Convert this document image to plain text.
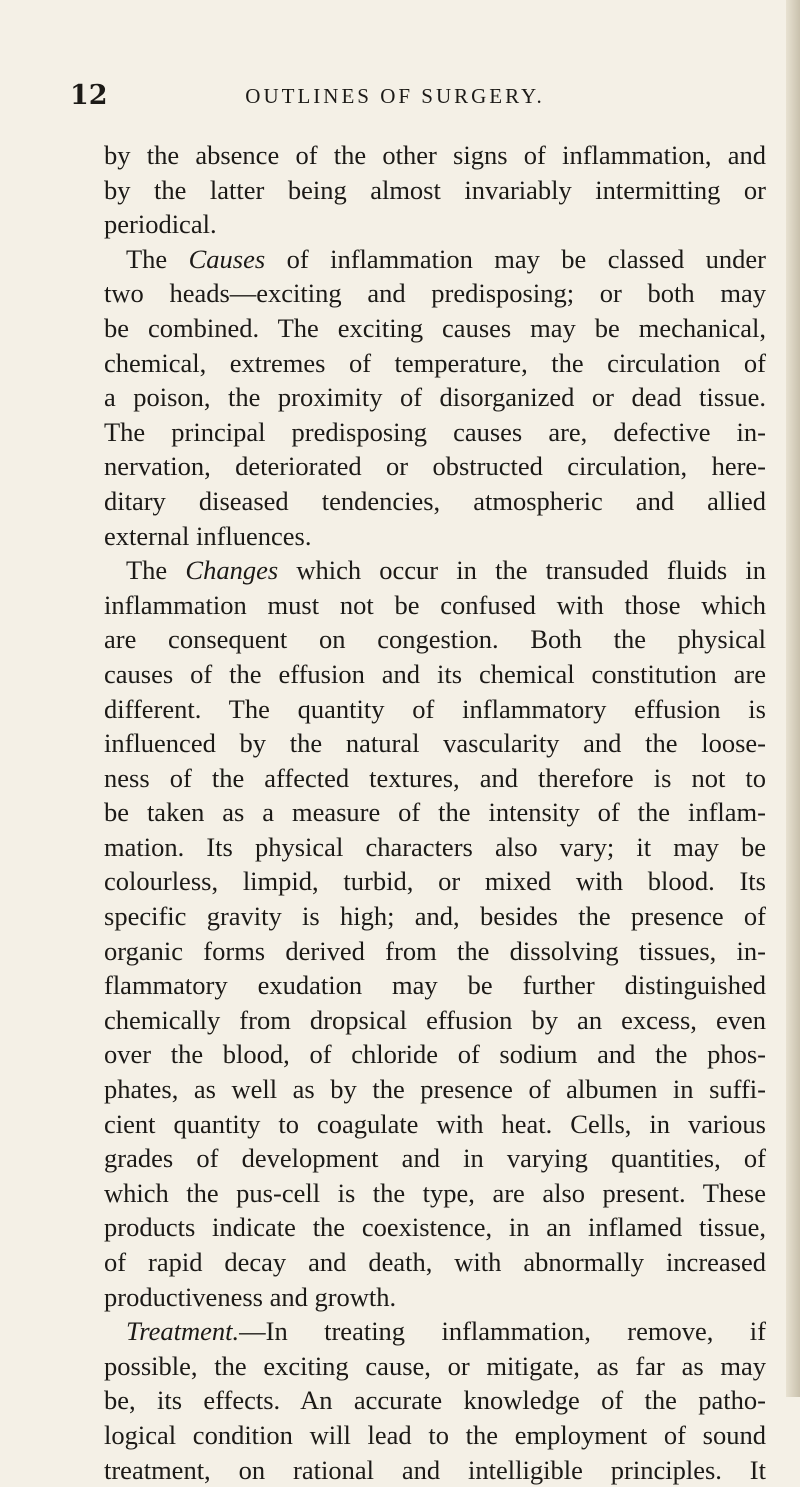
12	OUTLINES OF SURGERY.
by the absence of the other signs of inflammation, and
by the latter being almost invariably intermitting or
periodical.
The Causes of inflammation may be classed under
two heads—exciting and predisposing; or both may
be combined. The exciting causes may be mechanical,
chemical, extremes of temperature, the circulation of
a poison, the proximity of disorganized or dead tissue.
The principal predisposing causes are, defective in-
nervation, deteriorated or obstructed circulation, here-
ditary diseased tendencies, atmospheric and allied
external influences.
The Changes which occur in the transuded fluids in
inflammation must not be confused with those which
are consequent on congestion. Both the physical
causes of the effusion and its chemical constitution are
different. The quantity of inflammatory effusion is
influenced by the natural vascularity and the loose-
ness of the affected textures, and therefore is not to
be taken as a measure of the intensity of the inflam-
mation. Its physical characters also vary; it may be
colourless, limpid, turbid, or mixed with blood. Its
specific gravity is high; and, besides the presence of
organic forms derived from the dissolving tissues, in-
flammatory exudation may be further distinguished
chemically from dropsical effusion by an excess, even
over the blood, of chloride of sodium and the phos-
phates, as well as by the presence of albumen in suffi-
cient quantity to coagulate with heat. Cells, in various
grades of development and in varying quantities, of
which the pus-cell is the type, are also present. These
products indicate the coexistence, in an inflamed tissue,
of rapid decay and death, with abnormally increased
productiveness and growth.
Treatment.—In treating inflammation, remove, if
possible, the exciting cause, or mitigate, as far as may
be, its effects. An accurate knowledge of the patho-
logical condition will lead to the employment of sound
treatment, on rational and intelligible principles. It
